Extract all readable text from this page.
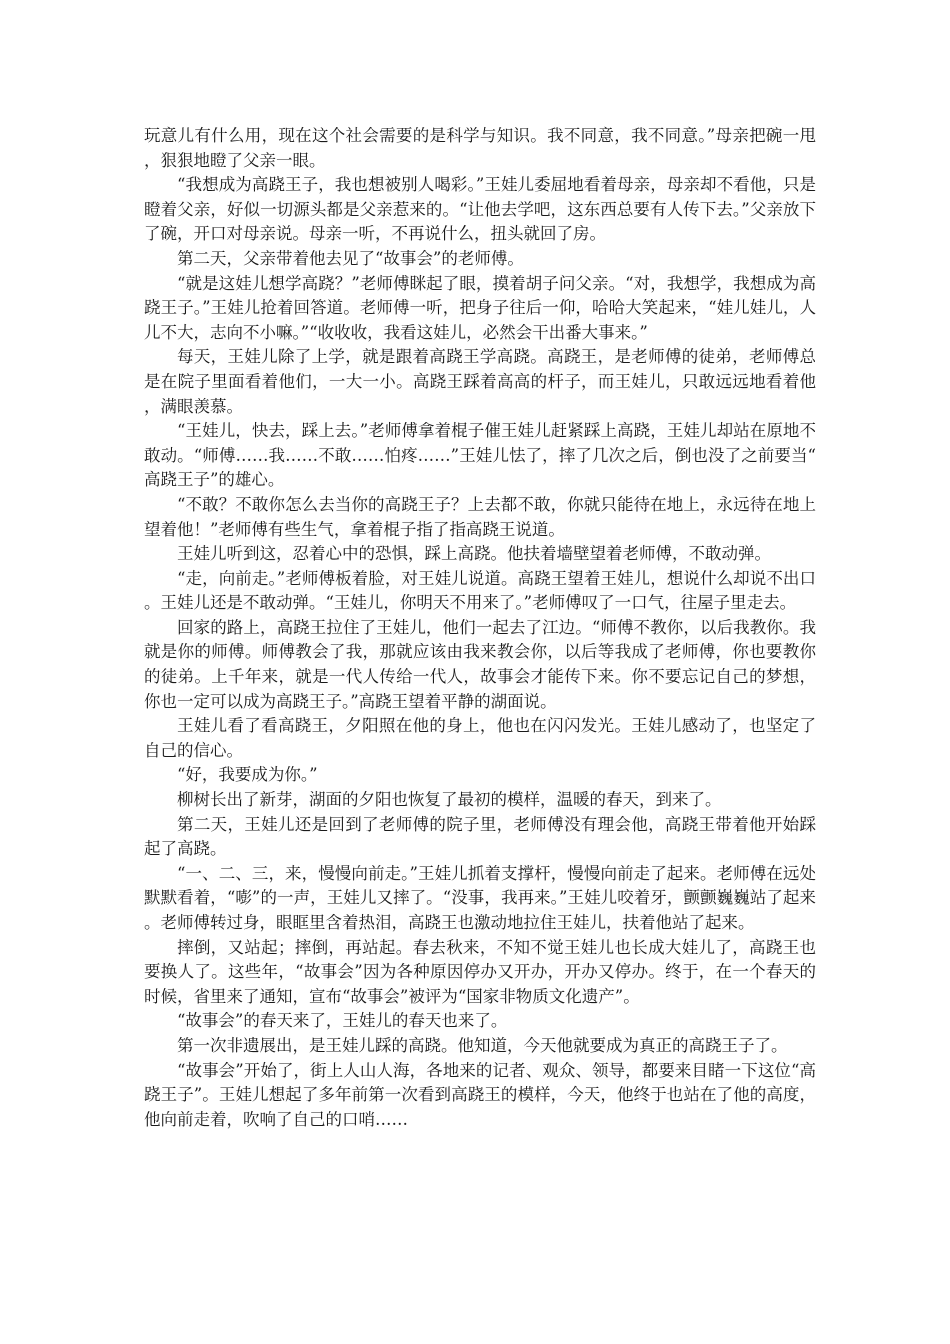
玩意儿有什么用，现在这个社会需要的是科学与知识。我不同意，我不同意。”母亲把碗一甩，狠狠地瞪了父亲一眼。

“我想成为高跷王子，我也想被别人喝彩。”王娃儿委屈地看着母亲，母亲却不看他，只是瞪着父亲，好似一切源头都是父亲惹来的。“让他去学吧，这东西总要有人传下去。”父亲放下了碗，开口对母亲说。母亲一听，不再说什么，扭头就回了房。

第二天，父亲带着他去见了“故事会”的老师傅。

“就是这娃儿想学高跷？”老师傅眯起了眼，摸着胡子问父亲。“对，我想学，我想成为高跷王子。”王娃儿抢着回答道。老师傅一听，把身子往后一仰，哈哈大笑起来，“娃儿娃儿，人儿不大，志向不小嘛。”“收收收，我看这娃儿，必然会干出番大事来。”

每天，王娃儿除了上学，就是跟着高跷王学高跷。高跷王，是老师傅的徒弟，老师傅总是在院子里面看着他们，一大一小。高跷王踩着高高的杆子，而王娃儿，只敢远远地看着他，满眼羡慕。

“王娃儿，快去，踩上去。”老师傅拿着棍子催王娃儿赶紧踩上高跷，王娃儿却站在原地不敢动。“师傅……我……不敢……怕疼……”王娃儿怯了，摔了几次之后，倒也没了之前要当“高跷王子”的雄心。

“不敢？不敢你怎么去当你的高跷王子？上去都不敢，你就只能待在地上，永远待在地上望着他！”老师傅有些生气，拿着棍子指了指高跷王说道。

王娃儿听到这，忍着心中的恐惧，踩上高跷。他扶着墙壁望着老师傅，不敢动弹。

“走，向前走。”老师傅板着脸，对王娃儿说道。高跷王望着王娃儿，想说什么却说不出口。王娃儿还是不敢动弹。“王娃儿，你明天不用来了。”老师傅叹了一口气，往屋子里走去。

回家的路上，高跷王拉住了王娃儿，他们一起去了江边。“师傅不教你，以后我教你。我就是你的师傅。师傅教会了我，那就应该由我来教会你，以后等我成了老师傅，你也要教你的徒弟。上千年来，就是一代人传给一代人，故事会才能传下来。你不要忘记自己的梦想，你也一定可以成为高跷王子。”高跷王望着平静的湖面说。

王娃儿看了看高跷王，夕阳照在他的身上，他也在闪闪发光。王娃儿感动了，也坚定了自己的信心。

“好，我要成为你。”

柳树长出了新芽，湖面的夕阳也恢复了最初的模样，温暖的春天，到来了。

第二天，王娃儿还是回到了老师傅的院子里，老师傅没有理会他，高跷王带着他开始踩起了高跷。

“一、二、三，来，慢慢向前走。”王娃儿抓着支撑杆，慢慢向前走了起来。老师傅在远处默默看着，“嘭”的一声，王娃儿又摔了。“没事，我再来。”王娃儿咬着牙，颤颤巍巍站了起来。老师傅转过身，眼眶里含着热泪，高跷王也激动地拉住王娃儿，扶着他站了起来。

摔倒，又站起；摔倒，再站起。春去秋来，不知不觉王娃儿也长成大娃儿了，高跷王也要换人了。这些年，“故事会”因为各种原因停办又开办，开办又停办。终于，在一个春天的时候，省里来了通知，宣布“故事会”被评为“国家非物质文化遗产”。

“故事会”的春天来了，王娃儿的春天也来了。

第一次非遗展出，是王娃儿踩的高跷。他知道，今天他就要成为真正的高跷王子了。

“故事会”开始了，街上人山人海，各地来的记者、观众、领导，都要来目睹一下这位“高跷王子”。王娃儿想起了多年前第一次看到高跷王的模样，今天，他终于也站在了他的高度，他向前走着，吹响了自己的口哨……
